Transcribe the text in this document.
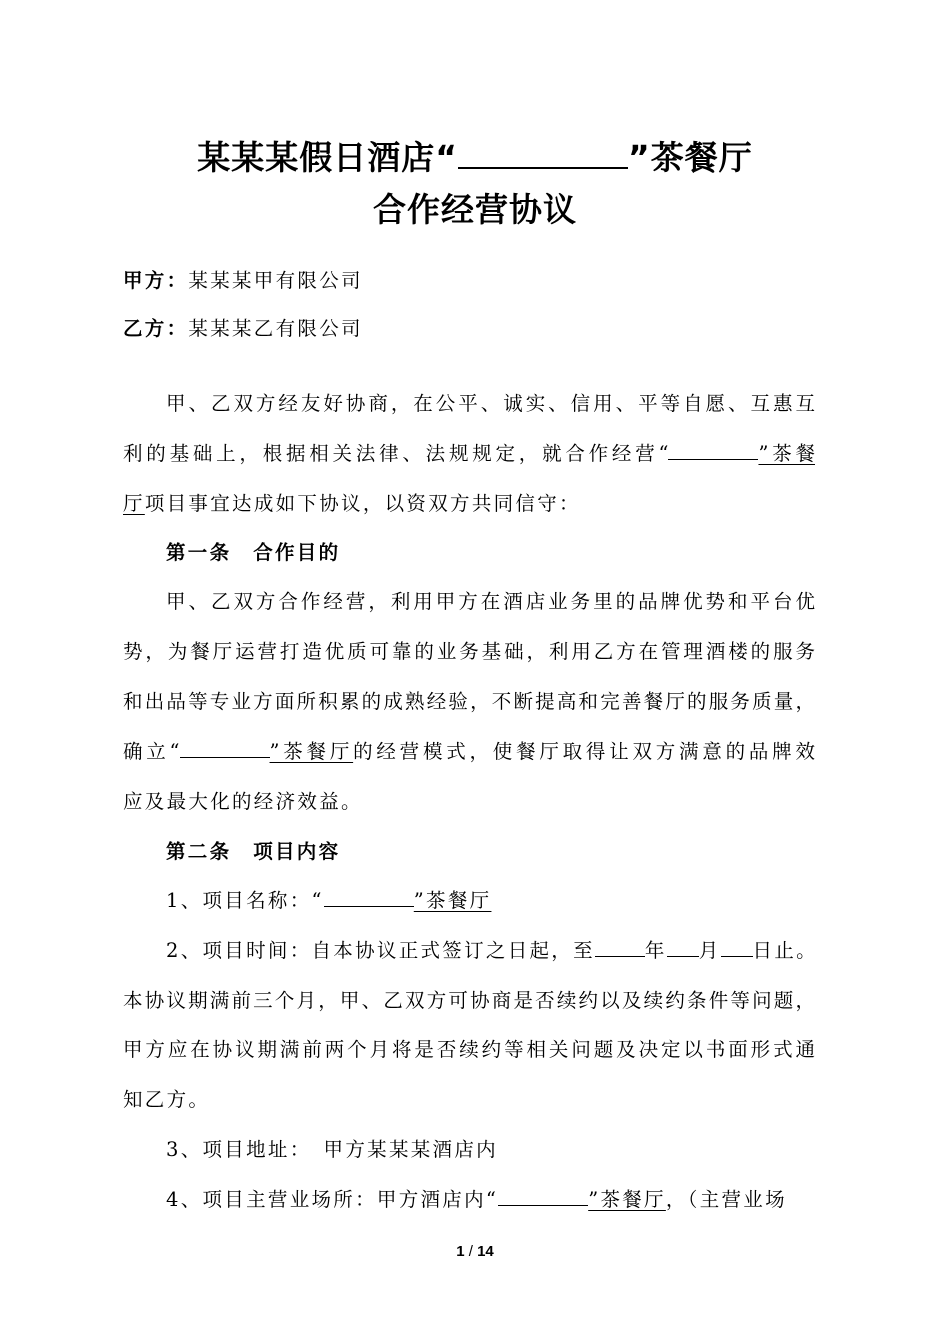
某某某假日酒店“	”茶餐厅
合作经营协议
甲方：某某某甲有限公司
乙方：某某某乙有限公司
甲、乙双方经友好协商，在公平、诚实、信用、平等自愿、互惠互
利的基础上，根据相关法律、法规规定，就合作经营“	”茶餐
厅项目事宜达成如下协议，以资双方共同信守：
第一条　合作目的
甲、乙双方合作经营，利用甲方在酒店业务里的品牌优势和平台优
势，为餐厅运营打造优质可靠的业务基础，利用乙方在管理酒楼的服务
和出品等专业方面所积累的成熟经验，不断提高和完善餐厅的服务质量，
确立“	”茶餐厅的经营模式，使餐厅取得让双方满意的品牌效
应及最大化的经济效益。
第二条　项目内容
1、项目名称：“	”茶餐厅
2、项目时间：自本协议正式签订之日起，至	年 月 日止。
本协议期满前三个月，甲、乙双方可协商是否续约以及续约条件等问题，
甲方应在协议期满前两个月将是否续约等相关问题及决定以书面形式通
知乙方。
3、项目地址：　甲方某某某酒店内
4、项目主营业场所：甲方酒店内“	”茶餐厅，（主营业场
1 / 14
